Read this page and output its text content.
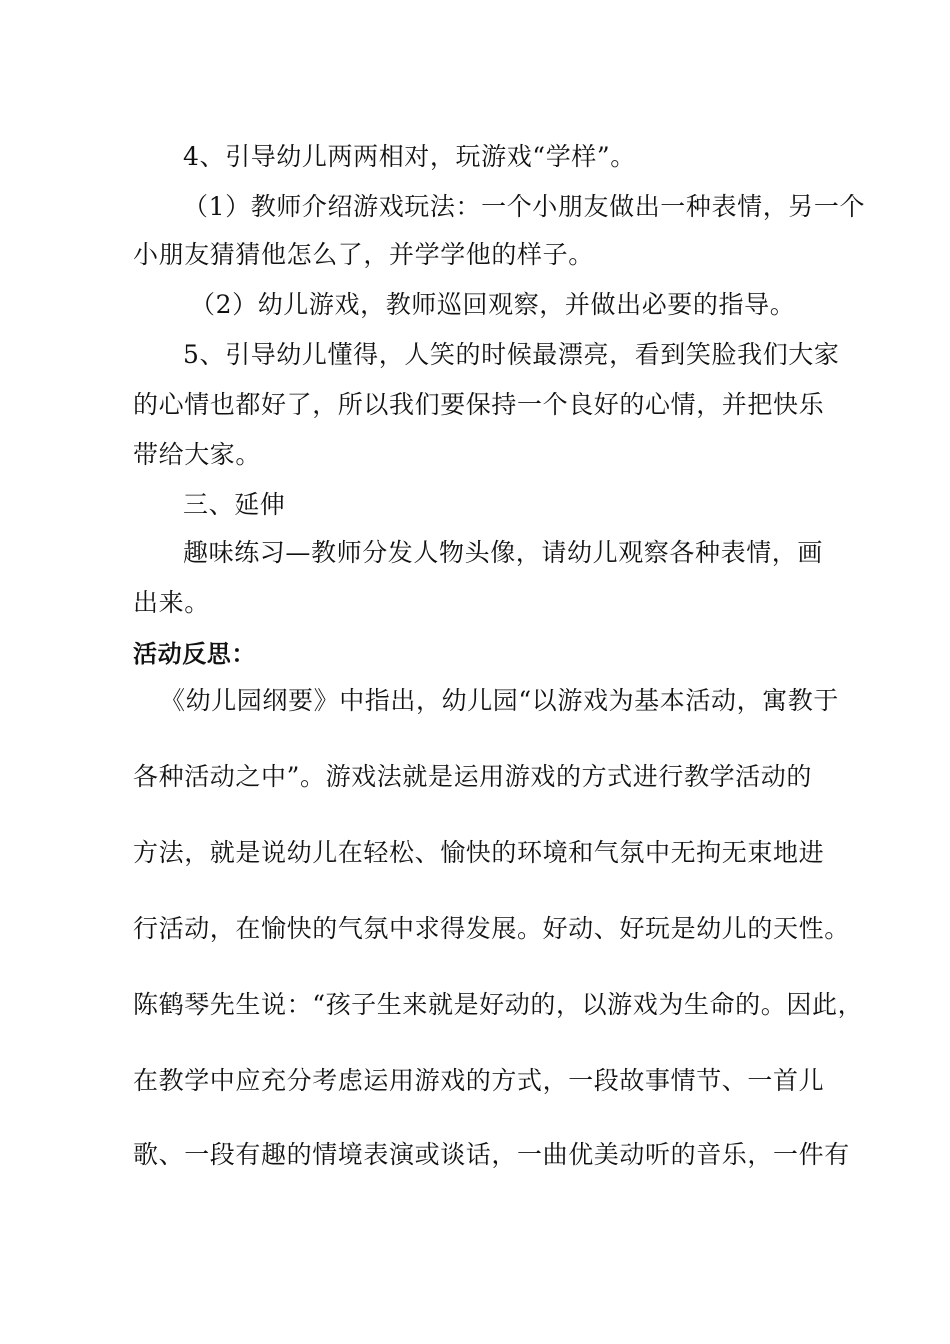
4、引导幼儿两两相对，玩游戏“学样”。
（1）教师介绍游戏玩法：一个小朋友做出一种表情，另一个
小朋友猜猜他怎么了，并学学他的样子。
（2）幼儿游戏，教师巡回观察，并做出必要的指导。
5、引导幼儿懂得，人笑的时候最漂亮，看到笑脸我们大家
的心情也都好了，所以我们要保持一个良好的心情，并把快乐
带给大家。
三、延伸
趣味练习—教师分发人物头像，请幼儿观察各种表情，画
出来。
活动反思：
《幼儿园纲要》中指出，幼儿园“以游戏为基本活动，寓教于
各种活动之中”。游戏法就是运用游戏的方式进行教学活动的
方法，就是说幼儿在轻松、愉快的环境和气氛中无拘无束地进
行活动，在愉快的气氛中求得发展。好动、好玩是幼儿的天性。
陈鹤琴先生说：“孩子生来就是好动的，以游戏为生命的。因此，
在教学中应充分考虑运用游戏的方式，一段故事情节、一首儿
歌、一段有趣的情境表演或谈话，一曲优美动听的音乐，一件有
